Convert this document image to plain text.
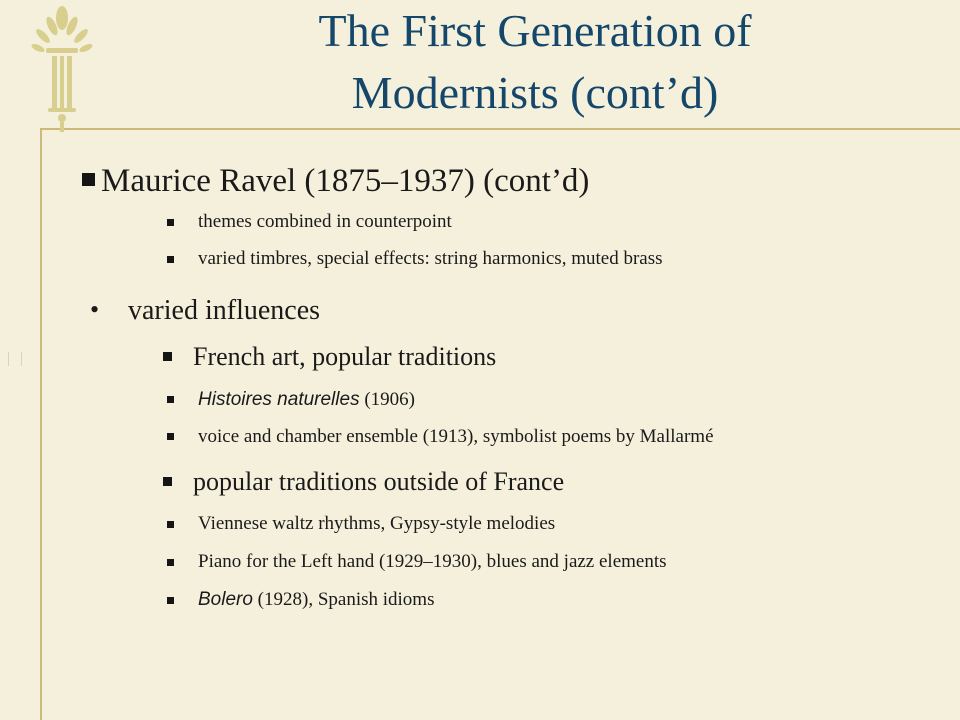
The First Generation of
Modernists (cont’d)
Maurice Ravel (1875–1937) (cont’d)
themes combined in counterpoint
varied timbres, special effects: string harmonics, muted brass
• varied influences
French art, popular traditions
Histoires naturelles (1906)
voice and chamber ensemble (1913), symbolist poems by Mallarmé
popular traditions outside of France
Viennese waltz rhythms, Gypsy-style melodies
Piano for the Left hand (1929–1930), blues and jazz elements
Bolero (1928), Spanish idioms
